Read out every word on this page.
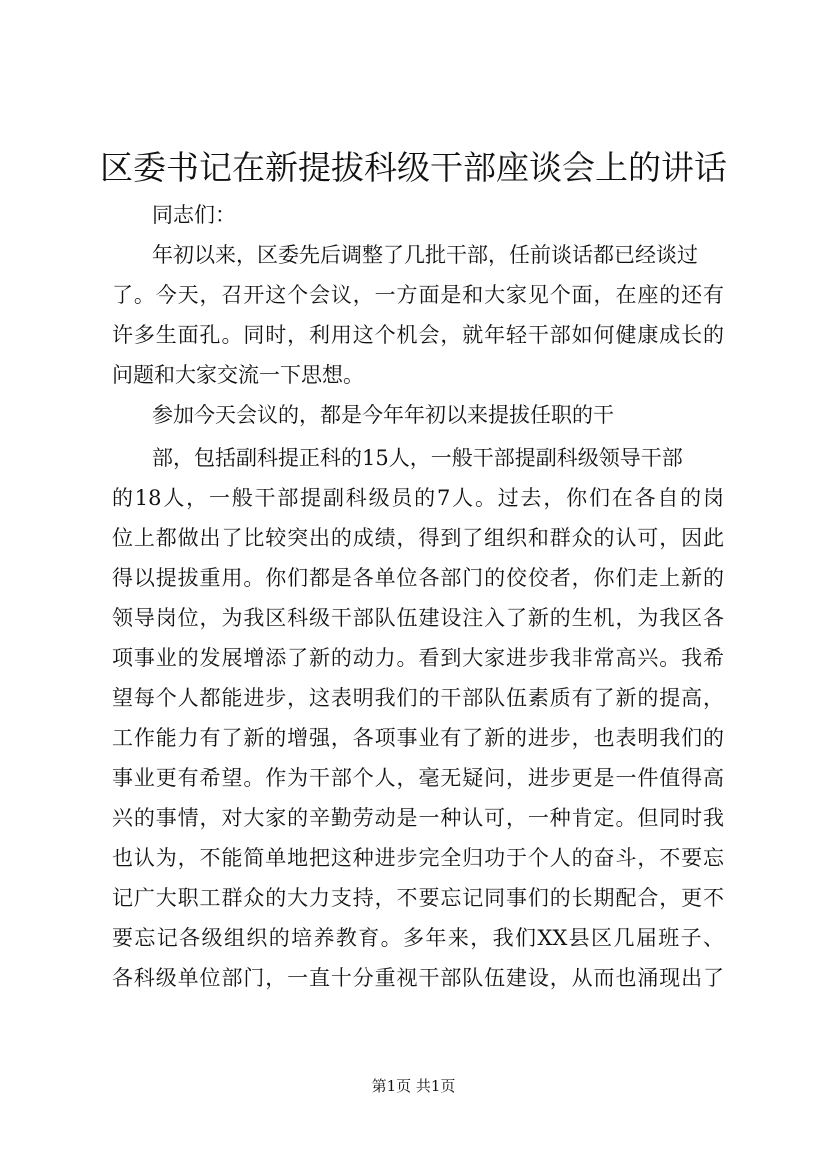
区委书记在新提拔科级干部座谈会上的讲话

同志们：

年初以来，区委先后调整了几批干部，任前谈话都已经谈过

了。今天，召开这个会议，一方面是和大家见个面，在座的还有

许多生面孔。同时，利用这个机会，就年轻干部如何健康成长的

问题和大家交流一下思想。

参加今天会议的，都是今年年初以来提拔任职的干

部，包括副科提正科的15人，一般干部提副科级领导干部

的18人，一般干部提副科级员的7人。过去，你们在各自的岗

位上都做出了比较突出的成绩，得到了组织和群众的认可，因此

得以提拔重用。你们都是各单位各部门的佼佼者，你们走上新的

领导岗位，为我区科级干部队伍建设注入了新的生机，为我区各

项事业的发展增添了新的动力。看到大家进步我非常高兴。我希

望每个人都能进步，这表明我们的干部队伍素质有了新的提高，

工作能力有了新的增强，各项事业有了新的进步，也表明我们的

事业更有希望。作为干部个人，毫无疑问，进步更是一件值得高

兴的事情，对大家的辛勤劳动是一种认可，一种肯定。但同时我

也认为，不能简单地把这种进步完全归功于个人的奋斗，不要忘

记广大职工群众的大力支持，不要忘记同事们的长期配合，更不

要忘记各级组织的培养教育。多年来，我们XX县区几届班子、

各科级单位部门，一直十分重视干部队伍建设，从而也涌现出了

第1页 共1页
